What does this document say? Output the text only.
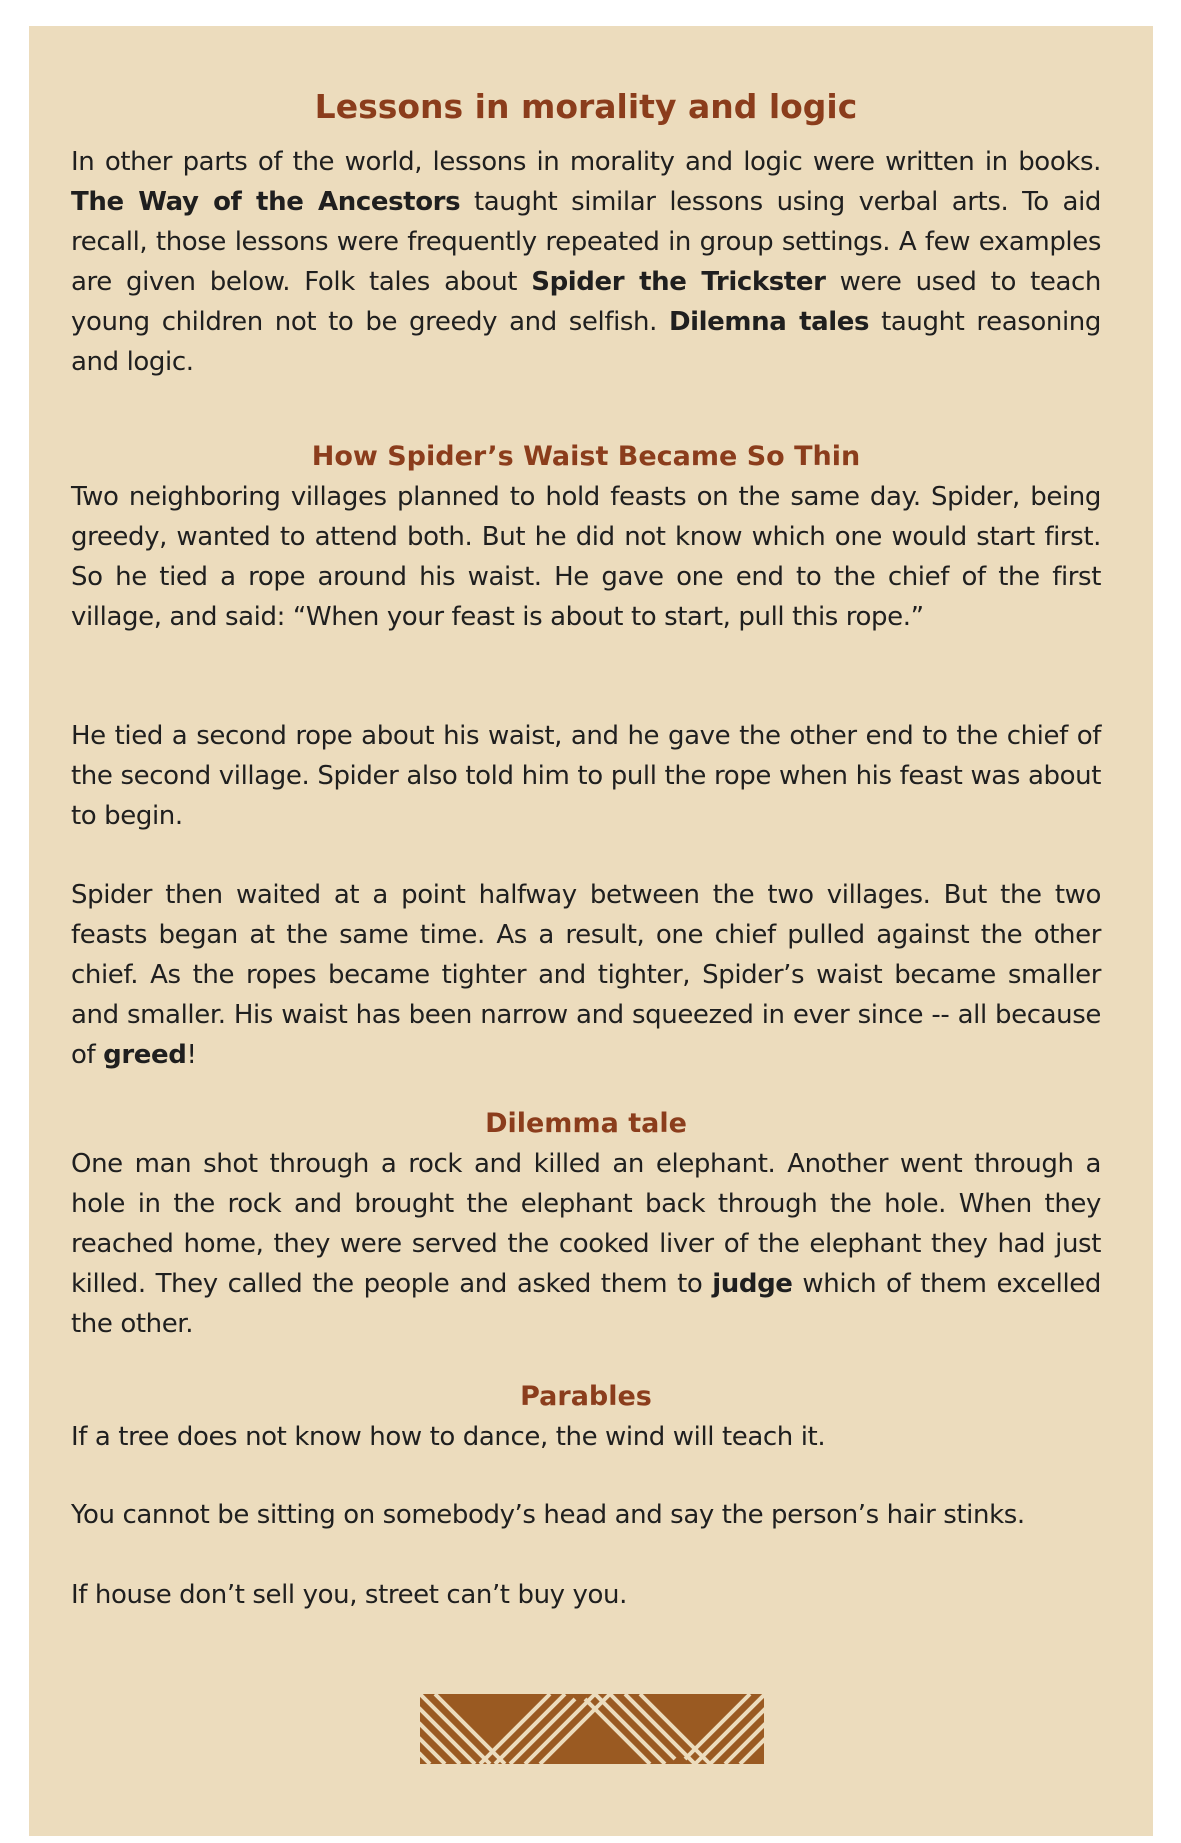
Lessons in morality and logic

In other parts of the world, lessons in morality and logic were written in books. The Way of the Ancestors taught similar lessons using verbal arts. To aid recall, those lessons were frequently repeated in group settings. A few examples are given below. Folk tales about Spider the Trickster were used to teach young children not to be greedy and selfish. Dilemna tales taught reasoning and logic.

How Spider’s Waist Became So Thin

Two neighboring villages planned to hold feasts on the same day. Spider, being greedy, wanted to attend both. But he did not know which one would start first. So he tied a rope around his waist. He gave one end to the chief of the first village, and said: “When your feast is about to start, pull this rope.”

He tied a second rope about his waist, and he gave the other end to the chief of the second village. Spider also told him to pull the rope when his feast was about to begin.

Spider then waited at a point halfway between the two villages. But the two feasts began at the same time. As a result, one chief pulled against the other chief. As the ropes became tighter and tighter, Spider’s waist became smaller and smaller. His waist has been narrow and squeezed in ever since -- all because of greed!

Dilemma tale

One man shot through a rock and killed an elephant. Another went through a hole in the rock and brought the elephant back through the hole. When they reached home, they were served the cooked liver of the elephant they had just killed. They called the people and asked them to judge which of them excelled the other.

Parables

If a tree does not know how to dance, the wind will teach it.

You cannot be sitting on somebody’s head and say the person’s hair stinks.

If house don’t sell you, street can’t buy you.
